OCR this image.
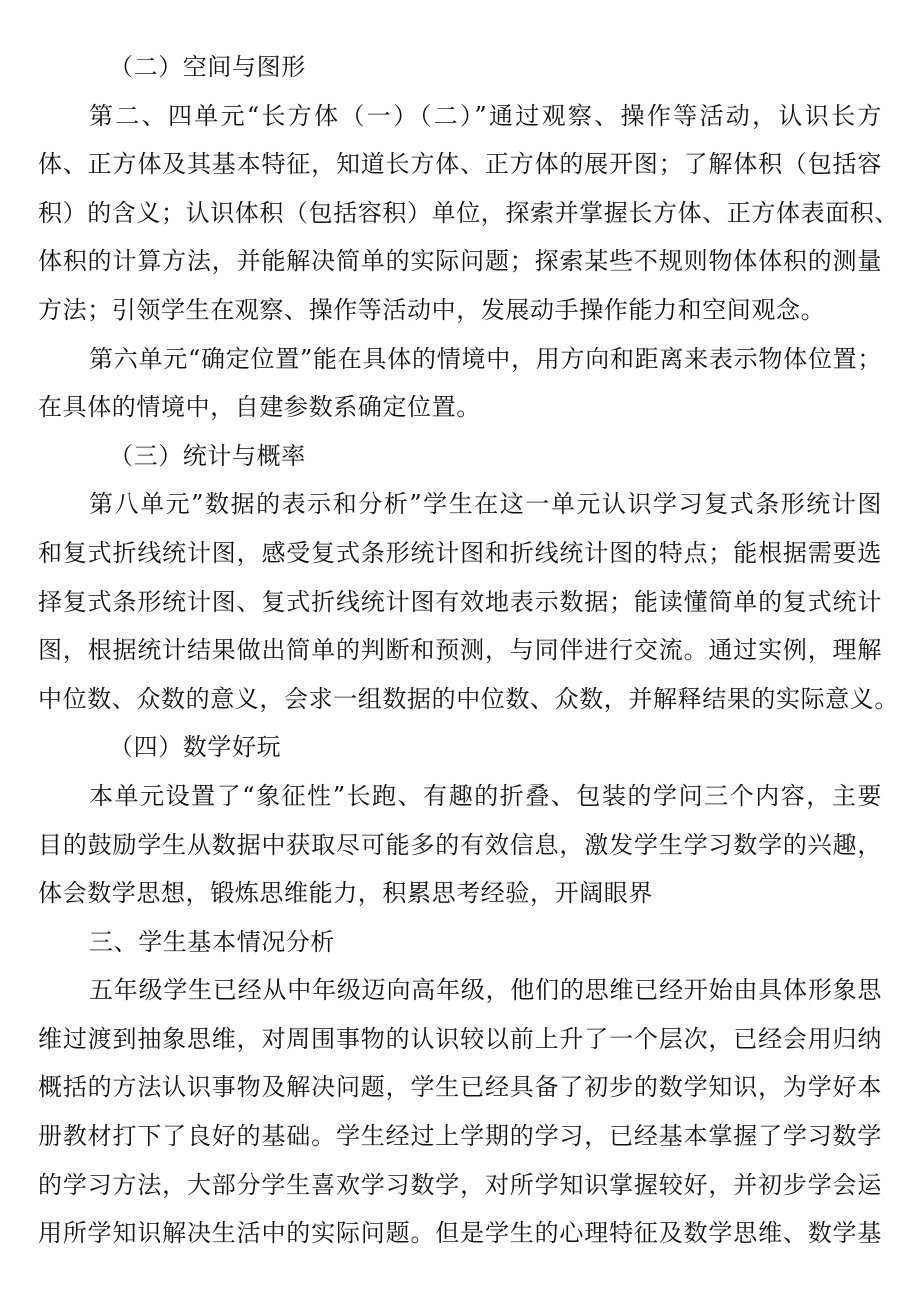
（二）空间与图形
第二、四单元“长方体（一）（二）”通过观察、操作等活动，认识长方
体、正方体及其基本特征，知道长方体、正方体的展开图；了解体积（包括容
积）的含义；认识体积（包括容积）单位，探索并掌握长方体、正方体表面积、
体积的计算方法，并能解决简单的实际问题；探索某些不规则物体体积的测量
方法；引领学生在观察、操作等活动中，发展动手操作能力和空间观念。
第六单元“确定位置”能在具体的情境中，用方向和距离来表示物体位置；
在具体的情境中，自建参数系确定位置。
（三）统计与概率
第八单元”数据的表示和分析”学生在这一单元认识学习复式条形统计图
和复式折线统计图，感受复式条形统计图和折线统计图的特点；能根据需要选
择复式条形统计图、复式折线统计图有效地表示数据；能读懂简单的复式统计
图，根据统计结果做出简单的判断和预测，与同伴进行交流。通过实例，理解
中位数、众数的意义，会求一组数据的中位数、众数，并解释结果的实际意义。
（四）数学好玩
本单元设置了“象征性”长跑、有趣的折叠、包装的学问三个内容，主要
目的鼓励学生从数据中获取尽可能多的有效信息，激发学生学习数学的兴趣，
体会数学思想，锻炼思维能力，积累思考经验，开阔眼界
三、学生基本情况分析
五年级学生已经从中年级迈向高年级，他们的思维已经开始由具体形象思
维过渡到抽象思维，对周围事物的认识较以前上升了一个层次，已经会用归纳
概括的方法认识事物及解决问题，学生已经具备了初步的数学知识，为学好本
册教材打下了良好的基础。学生经过上学期的学习，已经基本掌握了学习数学
的学习方法，大部分学生喜欢学习数学，对所学知识掌握较好，并初步学会运
用所学知识解决生活中的实际问题。但是学生的心理特征及数学思维、数学基
